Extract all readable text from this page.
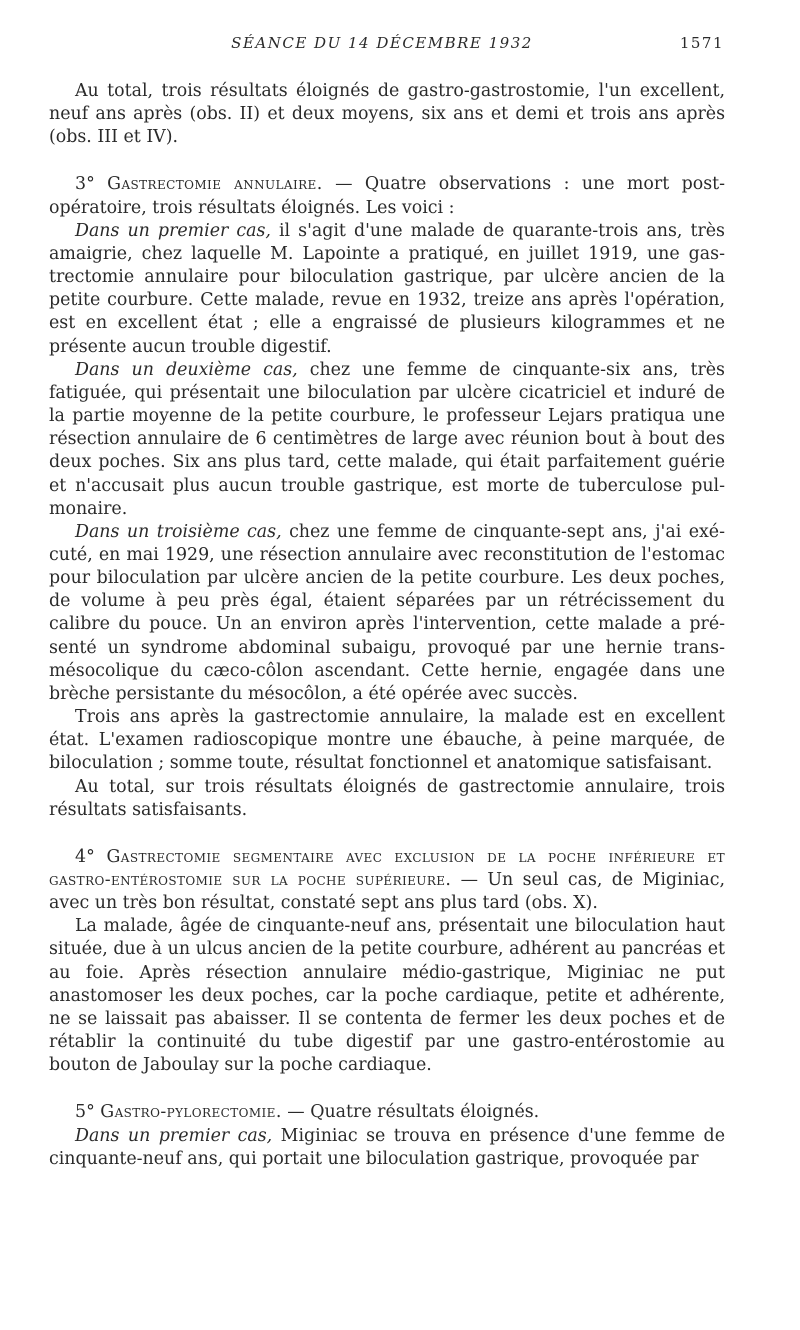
SÉANCE DU 14 DÉCEMBRE 1932	1571

Au total, trois résultats éloignés de gastro-gastrostomie, l'un excellent, neuf ans après (obs. II) et deux moyens, six ans et demi et trois ans après (obs. III et IV).

3° Gastrectomie annulaire. — Quatre observations : une mort post-opératoire, trois résultats éloignés. Les voici :

Dans un premier cas, il s'agit d'une malade de quarante-trois ans, très amaigrie, chez laquelle M. Lapointe a pratiqué, en juillet 1919, une gastrectomie annulaire pour biloculation gastrique, par ulcère ancien de la petite courbure. Cette malade, revue en 1932, treize ans après l'opération, est en excellent état ; elle a engraissé de plusieurs kilogrammes et ne présente aucun trouble digestif.

Dans un deuxième cas, chez une femme de cinquante-six ans, très fatiguée, qui présentait une biloculation par ulcère cicatriciel et induré de la partie moyenne de la petite courbure, le professeur Lejars pratiqua une résection annulaire de 6 centimètres de large avec réunion bout à bout des deux poches. Six ans plus tard, cette malade, qui était parfaitement guérie et n'accusait plus aucun trouble gastrique, est morte de tuberculose pulmonaire.

Dans un troisième cas, chez une femme de cinquante-sept ans, j'ai exécuté, en mai 1929, une résection annulaire avec reconstitution de l'estomac pour biloculation par ulcère ancien de la petite courbure. Les deux poches, de volume à peu près égal, étaient séparées par un rétrécissement du calibre du pouce. Un an environ après l'intervention, cette malade a présenté un syndrome abdominal subaigu, provoqué par une hernie transmésocolique du cæco-côlon ascendant. Cette hernie, engagée dans une brèche persistante du mésocôlon, a été opérée avec succès.

Trois ans après la gastrectomie annulaire, la malade est en excellent état. L'examen radioscopique montre une ébauche, à peine marquée, de biloculation ; somme toute, résultat fonctionnel et anatomique satisfaisant.

Au total, sur trois résultats éloignés de gastrectomie annulaire, trois résultats satisfaisants.

4° Gastrectomie segmentaire avec exclusion de la poche inférieure et gastro-entérostomie sur la poche supérieure. — Un seul cas, de Miginiac, avec un très bon résultat, constaté sept ans plus tard (obs. X).

La malade, âgée de cinquante-neuf ans, présentait une biloculation haut située, due à un ulcus ancien de la petite courbure, adhérent au pancréas et au foie. Après résection annulaire médio-gastrique, Miginiac ne put anastomoser les deux poches, car la poche cardiaque, petite et adhérente, ne se laissait pas abaisser. Il se contenta de fermer les deux poches et de rétablir la continuité du tube digestif par une gastro-entérostomie au bouton de Jaboulay sur la poche cardiaque.

5° Gastro-pylorectomie. — Quatre résultats éloignés.

Dans un premier cas, Miginiac se trouva en présence d'une femme de cinquante-neuf ans, qui portait une biloculation gastrique, provoquée par
